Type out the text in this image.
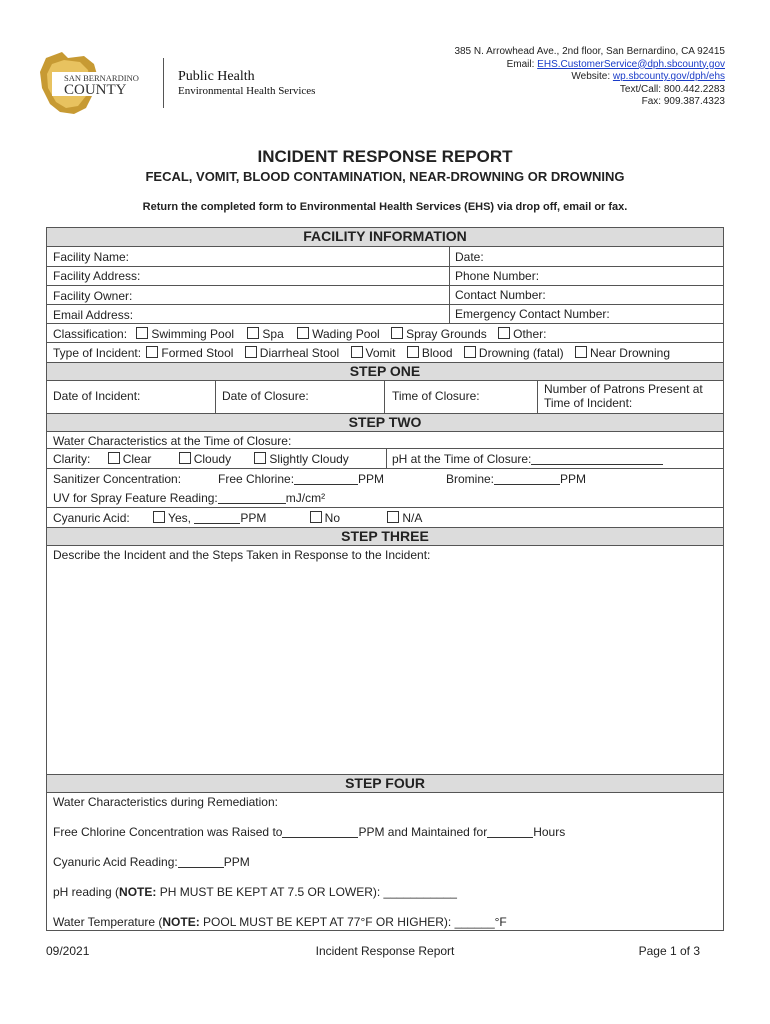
SAN BERNARDINO
COUNTY
Public Health
Environmental Health Services
385 N. Arrowhead Ave., 2nd floor, San Bernardino, CA 92415
Email: EHS.CustomerService@dph.sbcounty.gov
Website: wp.sbcounty.gov/dph/ehs
Text/Call: 800.442.2283
Fax: 909.387.4323
INCIDENT RESPONSE REPORT
FECAL, VOMIT, BLOOD CONTAMINATION, NEAR-DROWNING OR DROWNING
Return the completed form to Environmental Health Services (EHS) via drop off, email or fax.
FACILITY INFORMATION
Facility Name:	Date:
Facility Address:	Phone Number:
Facility Owner:	Contact Number:
Email Address:	Emergency Contact Number:
Classification: Swimming Pool Spa Wading Pool Spray Grounds Other:
Type of Incident: Formed Stool Diarrheal Stool Vomit Blood Drowning (fatal) Near Drowning
STEP ONE
Date of Incident:	Date of Closure:	Time of Closure:	Number of Patrons Present at
Time of Incident:
STEP TWO
Water Characteristics at the Time of Closure:
Clarity:	Clear	Cloudy	Slightly Cloudy	pH at the Time of Closure:
Sanitizer Concentration:	Free Chlorine:	PPM	Bromine:	PPM
UV for Spray Feature Reading:	mJ/cm²
Cyanuric Acid:	Yes,	PPM	No	N/A
STEP THREE
Describe the Incident and the Steps Taken in Response to the Incident:
STEP FOUR
Water Characteristics during Remediation:
Free Chlorine Concentration was Raised to	PPM and Maintained for	Hours
Cyanuric Acid Reading:	PPM
pH reading (NOTE: PH MUST BE KEPT AT 7.5 OR LOWER): ___________
Water Temperature (NOTE: POOL MUST BE KEPT AT 77°F OR HIGHER): ______°F
09/2021	Incident Response Report	Page 1 of 3
